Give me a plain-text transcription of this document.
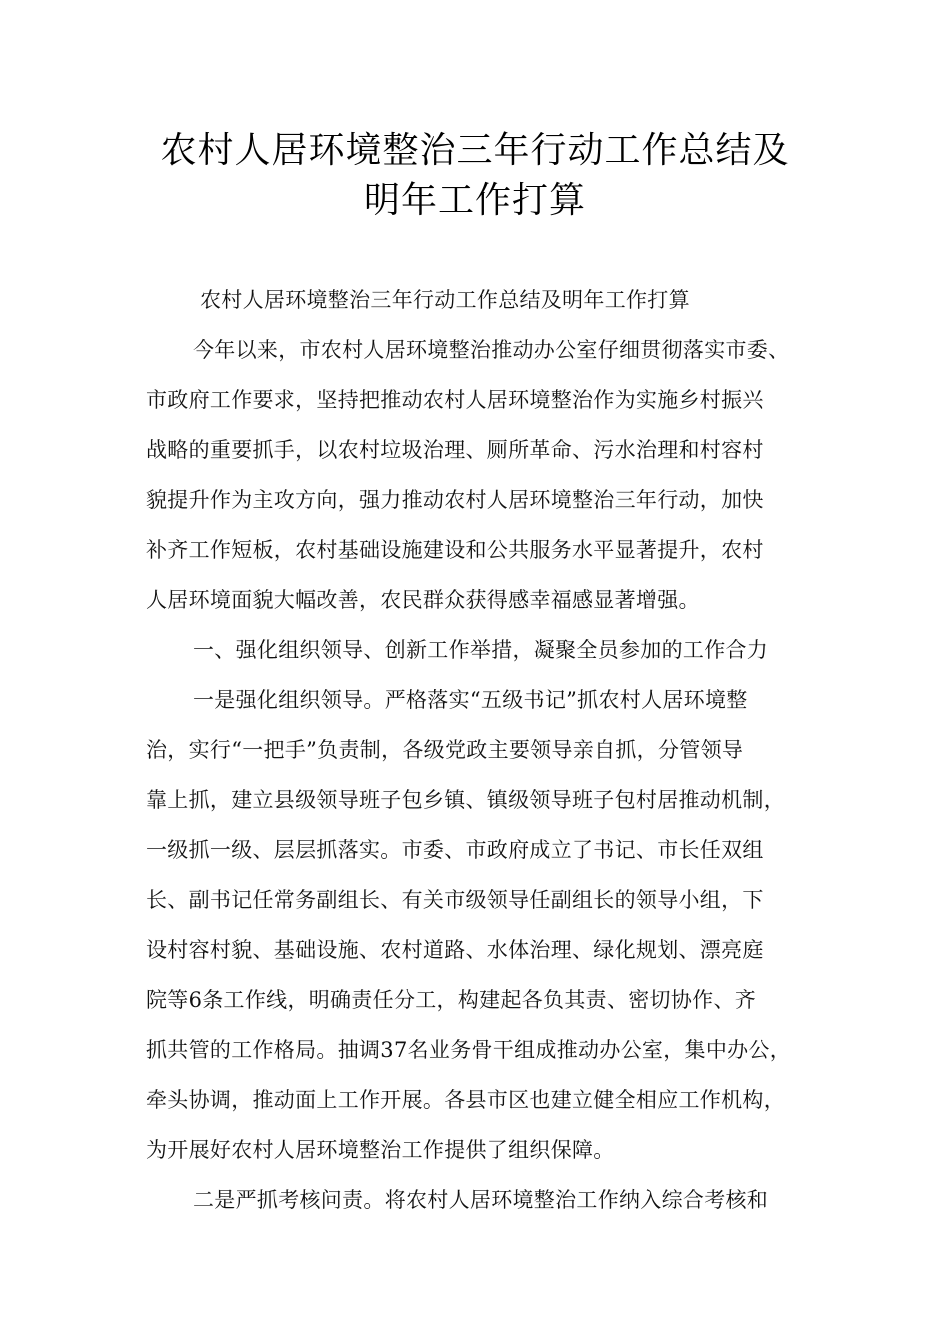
农村人居环境整治三年行动工作总结及
明年工作打算
农村人居环境整治三年行动工作总结及明年工作打算
今年以来，市农村人居环境整治推动办公室仔细贯彻落实市委、
市政府工作要求，坚持把推动农村人居环境整治作为实施乡村振兴
战略的重要抓手，以农村垃圾治理、厕所革命、污水治理和村容村
貌提升作为主攻方向，强力推动农村人居环境整治三年行动，加快
补齐工作短板，农村基础设施建设和公共服务水平显著提升，农村
人居环境面貌大幅改善，农民群众获得感幸福感显著增强。
一、强化组织领导、创新工作举措，凝聚全员参加的工作合力
一是强化组织领导。严格落实“五级书记”抓农村人居环境整
治，实行“一把手”负责制，各级党政主要领导亲自抓，分管领导
靠上抓，建立县级领导班子包乡镇、镇级领导班子包村居推动机制，
一级抓一级、层层抓落实。市委、市政府成立了书记、市长任双组
长、副书记任常务副组长、有关市级领导任副组长的领导小组，下
设村容村貌、基础设施、农村道路、水体治理、绿化规划、漂亮庭
院等6条工作线，明确责任分工，构建起各负其责、密切协作、齐
抓共管的工作格局。抽调37名业务骨干组成推动办公室，集中办公，
牵头协调，推动面上工作开展。各县市区也建立健全相应工作机构，
为开展好农村人居环境整治工作提供了组织保障。
二是严抓考核问责。将农村人居环境整治工作纳入综合考核和
